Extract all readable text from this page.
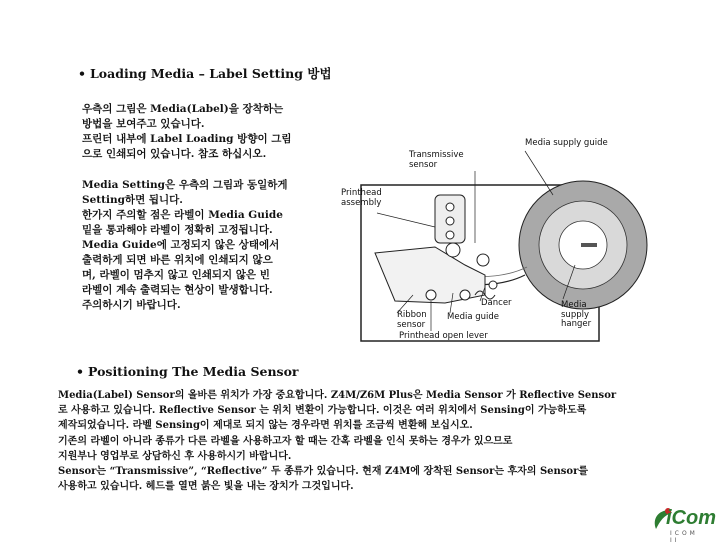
• Loading Media – Label Setting 방법
우측의 그림은 Media(Label)을 장착하는
방법을 보여주고 있습니다.
프린터 내부에 Label Loading 방향이 그림
으로 인쇄되어 있습니다. 참조 하십시오.
Media Setting은 우측의 그림과 동일하게
Setting하면 됩니다.
한가지 주의할 점은 라벨이 Media Guide
밑을 통과해야 라벨이 정확히 고정됩니다.
Media Guide에 고정되지 않은 상태에서
출력하게 되면 바른 위치에 인쇄되지 않으
며, 라벨이 멈추지 않고 인쇄되지 않은 빈
라벨이 계속 출력되는 현상이 발생합니다.
주의하시기 바랍니다.
Media supply guide
Transmissive
sensor
Printhead
assembly
Dancer	Media
supply
hanger
Ribbon
sensor
Media guide
Printhead open lever
• Positioning The Media Sensor
Media(Label) Sensor의 올바른 위치가 가장 중요합니다. Z4M/Z6M Plus은 Media Sensor 가 Reflective Sensor
로 사용하고 있습니다. Reflective Sensor 는 위치 변환이 가능합니다. 이것은 여러 위치에서 Sensing이 가능하도록
제작되었습니다. 라벨 Sensing이 제대로 되지 않는 경우라면 위치를 조금씩 변환해 보십시오.
기존의 라벨이 아니라 종류가 다른 라벨을 사용하고자 할 때는 간혹 라벨을 인식 못하는 경우가 있으므로
지원부나 영업부로 상담하신 후 사용하시기 바랍니다.
Sensor는 “Transmissive”, “Reflective” 두 종류가 있습니다. 현재 Z4M에 장착된 Sensor는 후자의 Sensor를
사용하고 있습니다. 헤드를 열면 붉은 빛을 내는 장치가 그것입니다.
iCom
ICOM II
